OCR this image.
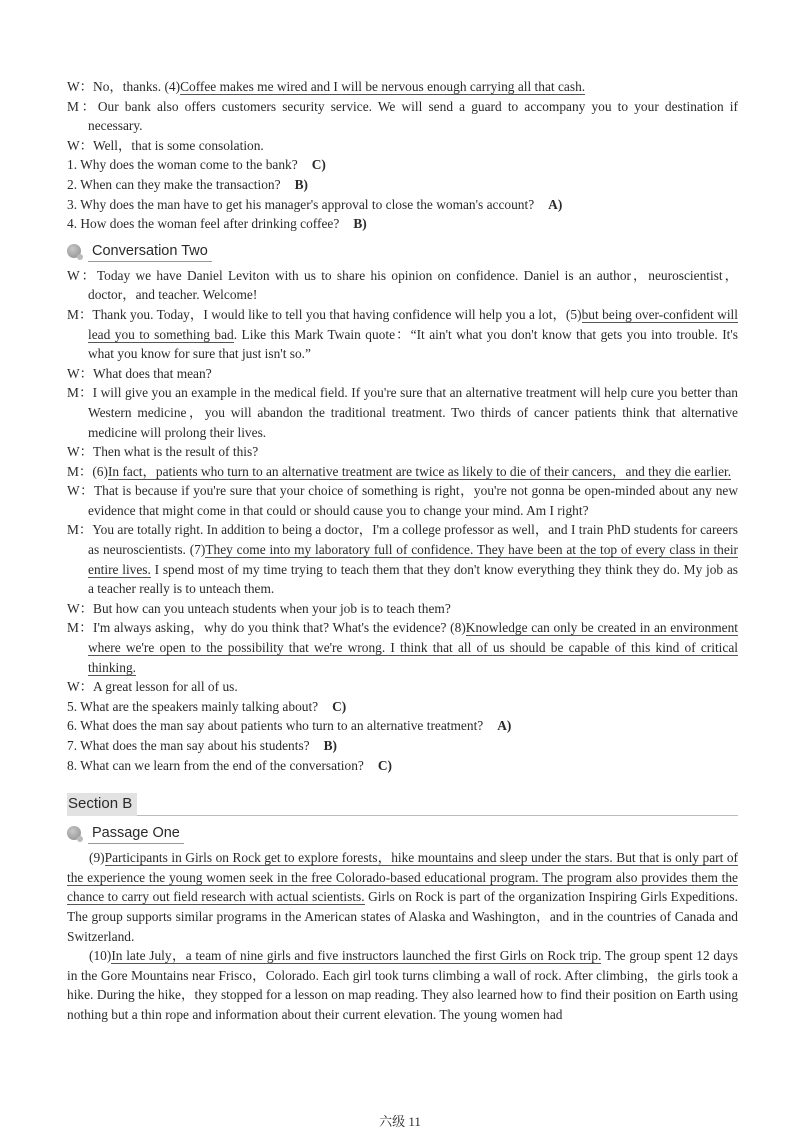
W：No，thanks. (4)Coffee makes me wired and I will be nervous enough carrying all that cash.
M：Our bank also offers customers security service. We will send a guard to accompany you to your destination if necessary.
W：Well，that is some consolation.
1. Why does the woman come to the bank? C)
2. When can they make the transaction? B)
3. Why does the man have to get his manager's approval to close the woman's account? A)
4. How does the woman feel after drinking coffee? B)
Conversation Two
W：Today we have Daniel Leviton with us to share his opinion on confidence. Daniel is an author，neuroscientist，doctor，and teacher. Welcome!
M：Thank you. Today，I would like to tell you that having confidence will help you a lot，(5)but being over-confident will lead you to something bad. Like this Mark Twain quote：“It ain't what you don't know that gets you into trouble. It's what you know for sure that just isn't so.”
W：What does that mean?
M：I will give you an example in the medical field. If you're sure that an alternative treatment will help cure you better than Western medicine，you will abandon the traditional treatment. Two thirds of cancer patients think that alternative medicine will prolong their lives.
W：Then what is the result of this?
M：(6)In fact，patients who turn to an alternative treatment are twice as likely to die of their cancers，and they die earlier.
W：That is because if you're sure that your choice of something is right，you're not gonna be open-minded about any new evidence that might come in that could or should cause you to change your mind. Am I right?
M：You are totally right. In addition to being a doctor，I'm a college professor as well，and I train PhD students for careers as neuroscientists. (7)They come into my laboratory full of confidence. They have been at the top of every class in their entire lives. I spend most of my time trying to teach them that they don't know everything they think they do. My job as a teacher really is to unteach them.
W：But how can you unteach students when your job is to teach them?
M：I'm always asking，why do you think that? What's the evidence? (8)Knowledge can only be created in an environment where we're open to the possibility that we're wrong. I think that all of us should be capable of this kind of critical thinking.
W：A great lesson for all of us.
5. What are the speakers mainly talking about? C)
6. What does the man say about patients who turn to an alternative treatment? A)
7. What does the man say about his students? B)
8. What can we learn from the end of the conversation? C)
Section B
Passage One
(9)Participants in Girls on Rock get to explore forests，hike mountains and sleep under the stars. But that is only part of the experience the young women seek in the free Colorado-based educational program. The program also provides them the chance to carry out field research with actual scientists. Girls on Rock is part of the organization Inspiring Girls Expeditions. The group supports similar programs in the American states of Alaska and Washington，and in the countries of Canada and Switzerland.
(10)In late July，a team of nine girls and five instructors launched the first Girls on Rock trip. The group spent 12 days in the Gore Mountains near Frisco，Colorado. Each girl took turns climbing a wall of rock. After climbing，the girls took a hike. During the hike，they stopped for a lesson on map reading. They also learned how to find their position on Earth using nothing but a thin rope and information about their current elevation. The young women had
六级 11
